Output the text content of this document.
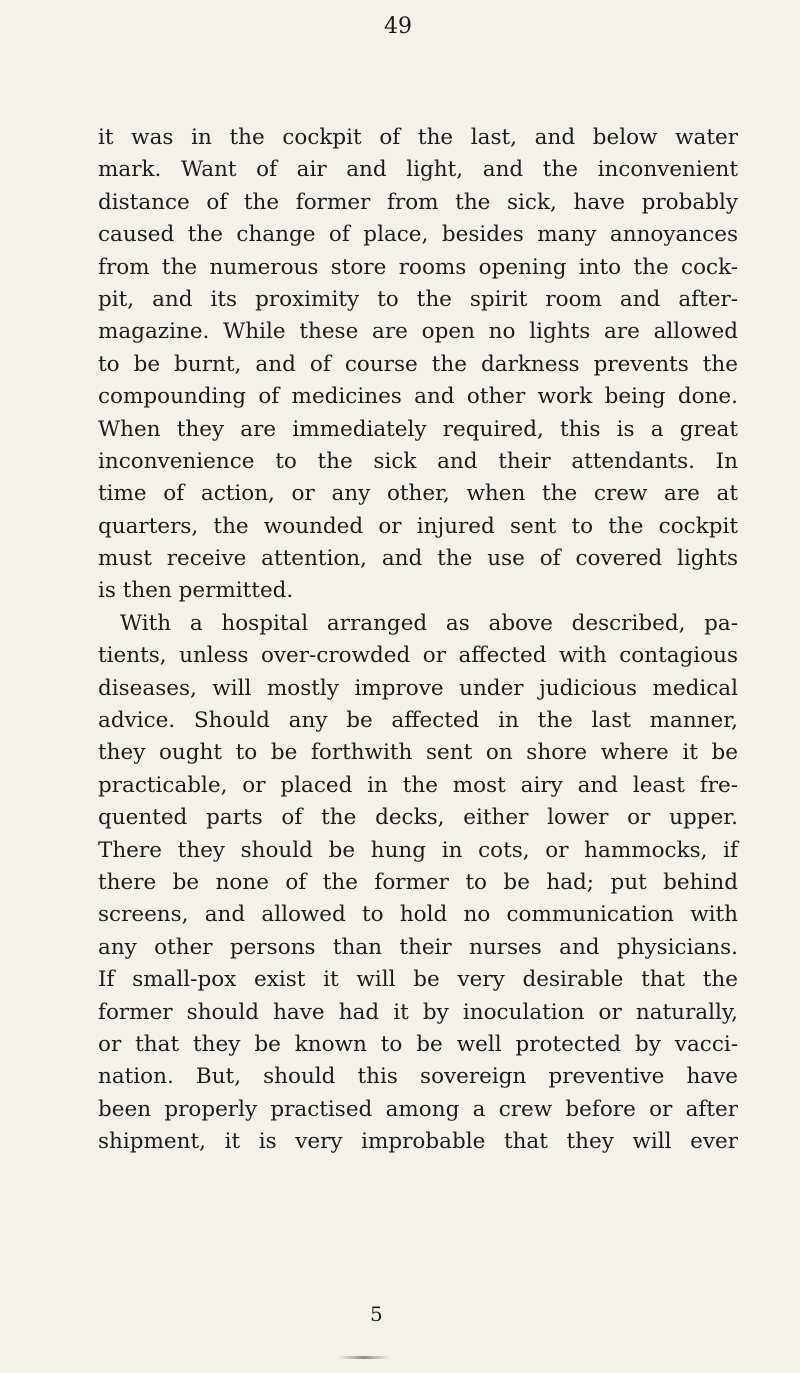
49
it was in the cockpit of the last, and below water
mark. Want of air and light, and the inconvenient
distance of the former from the sick, have probably
caused the change of place, besides many annoyances
from the numerous store rooms opening into the cock-
pit, and its proximity to the spirit room and after-
magazine. While these are open no lights are allowed
to be burnt, and of course the darkness prevents the
compounding of medicines and other work being done.
When they are immediately required, this is a great
inconvenience to the sick and their attendants. In
time of action, or any other, when the crew are at
quarters, the wounded or injured sent to the cockpit
must receive attention, and the use of covered lights
is then permitted.
With a hospital arranged as above described, pa-
tients, unless over-crowded or affected with contagious
diseases, will mostly improve under judicious medical
advice. Should any be affected in the last manner,
they ought to be forthwith sent on shore where it be
practicable, or placed in the most airy and least fre-
quented parts of the decks, either lower or upper.
There they should be hung in cots, or hammocks, if
there be none of the former to be had; put behind
screens, and allowed to hold no communication with
any other persons than their nurses and physicians.
If small-pox exist it will be very desirable that the
former should have had it by inoculation or naturally,
or that they be known to be well protected by vacci-
nation. But, should this sovereign preventive have
been properly practised among a crew before or after
shipment, it is very improbable that they will ever
5
